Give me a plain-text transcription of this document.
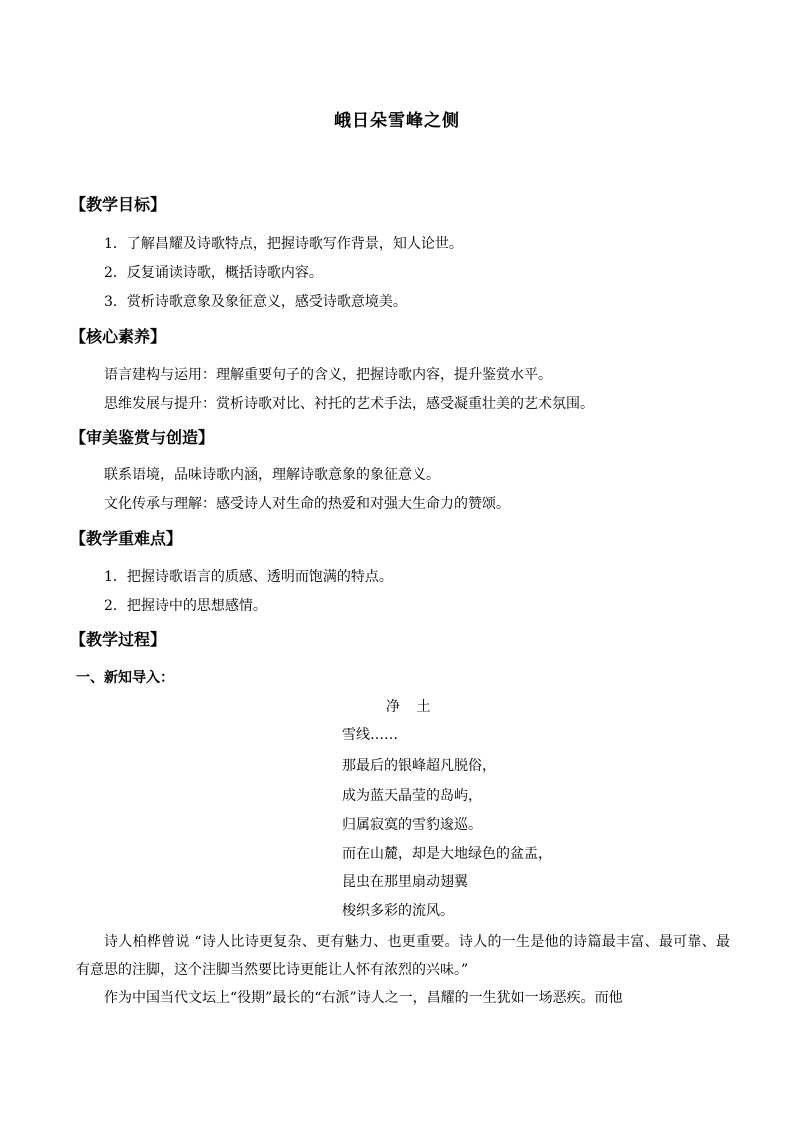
峨日朵雪峰之侧
【教学目标】
1．了解昌耀及诗歌特点，把握诗歌写作背景，知人论世。
2．反复诵读诗歌，概括诗歌内容。
3．赏析诗歌意象及象征意义，感受诗歌意境美。
【核心素养】
语言建构与运用：理解重要句子的含义，把握诗歌内容，提升鉴赏水平。
思维发展与提升：赏析诗歌对比、衬托的艺术手法，感受凝重壮美的艺术氛围。
【审美鉴赏与创造】
联系语境，品味诗歌内涵，理解诗歌意象的象征意义。
文化传承与理解：感受诗人对生命的热爱和对强大生命力的赞颂。
【教学重难点】
1．把握诗歌语言的质感、透明而饱满的特点。
2．把握诗中的思想感情。
【教学过程】
一、新知导入：
净 土
雪线……
那最后的银峰超凡脱俗，
成为蓝天晶莹的岛屿，
归属寂寞的雪豹逡巡。
而在山麓，却是大地绿色的盆盂，
昆虫在那里扇动翅翼
梭织多彩的流风。
诗人柏桦曾说 “诗人比诗更复杂、更有魅力、也更重要。诗人的一生是他的诗篇最丰富、最可靠、最有意思的注脚，这个注脚当然要比诗更能让人怀有浓烈的兴味。”
作为中国当代文坛上“役期”最长的“右派”诗人之一，昌耀的一生犹如一场恶疾。而他
